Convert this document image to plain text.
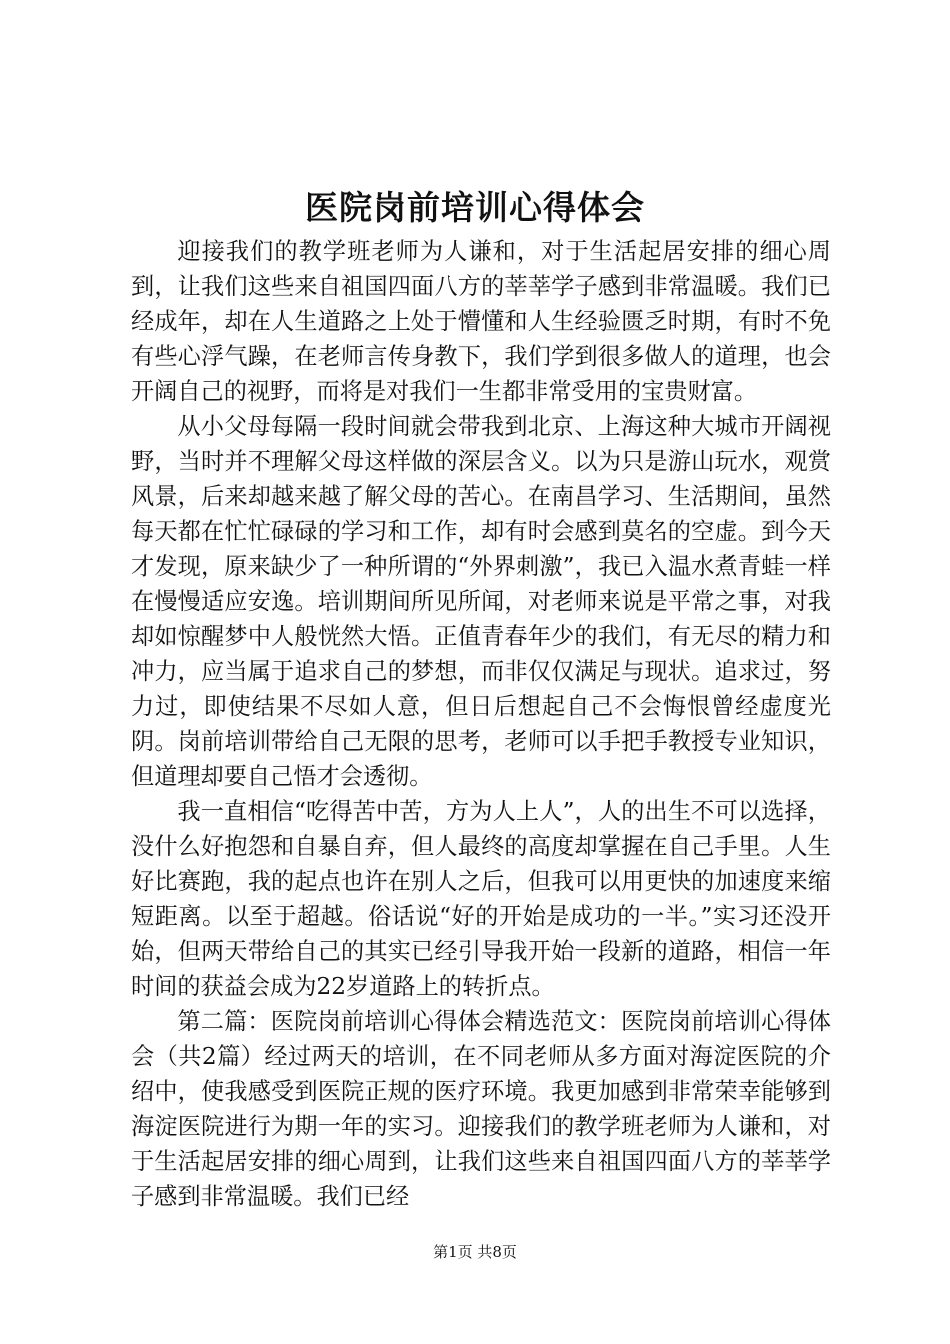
医院岗前培训心得体会

迎接我们的教学班老师为人谦和，对于生活起居安排的细心周到，让我们这些来自祖国四面八方的莘莘学子感到非常温暖。我们已经成年，却在人生道路之上处于懵懂和人生经验匮乏时期，有时不免有些心浮气躁，在老师言传身教下，我们学到很多做人的道理，也会开阔自己的视野，而将是对我们一生都非常受用的宝贵财富。

从小父母每隔一段时间就会带我到北京、上海这种大城市开阔视野，当时并不理解父母这样做的深层含义。以为只是游山玩水，观赏风景，后来却越来越了解父母的苦心。在南昌学习、生活期间，虽然每天都在忙忙碌碌的学习和工作，却有时会感到莫名的空虚。到今天才发现，原来缺少了一种所谓的“外界刺激”，我已入温水煮青蛙一样在慢慢适应安逸。培训期间所见所闻，对老师来说是平常之事，对我却如惊醒梦中人般恍然大悟。正值青春年少的我们，有无尽的精力和冲力，应当属于追求自己的梦想，而非仅仅满足与现状。追求过，努力过，即使结果不尽如人意，但日后想起自己不会悔恨曾经虚度光阴。岗前培训带给自己无限的思考，老师可以手把手教授专业知识，但道理却要自己悟才会透彻。

我一直相信“吃得苦中苦，方为人上人”，人的出生不可以选择，没什么好抱怨和自暴自弃，但人最终的高度却掌握在自己手里。人生好比赛跑，我的起点也许在别人之后，但我可以用更快的加速度来缩短距离。以至于超越。俗话说“好的开始是成功的一半。”实习还没开始，但两天带给自己的其实已经引导我开始一段新的道路，相信一年时间的获益会成为22岁道路上的转折点。

第二篇：医院岗前培训心得体会精选范文：医院岗前培训心得体会（共2篇）经过两天的培训，在不同老师从多方面对海淀医院的介绍中，使我感受到医院正规的医疗环境。我更加感到非常荣幸能够到海淀医院进行为期一年的实习。迎接我们的教学班老师为人谦和，对于生活起居安排的细心周到，让我们这些来自祖国四面八方的莘莘学子感到非常温暖。我们已经

第1页 共8页
